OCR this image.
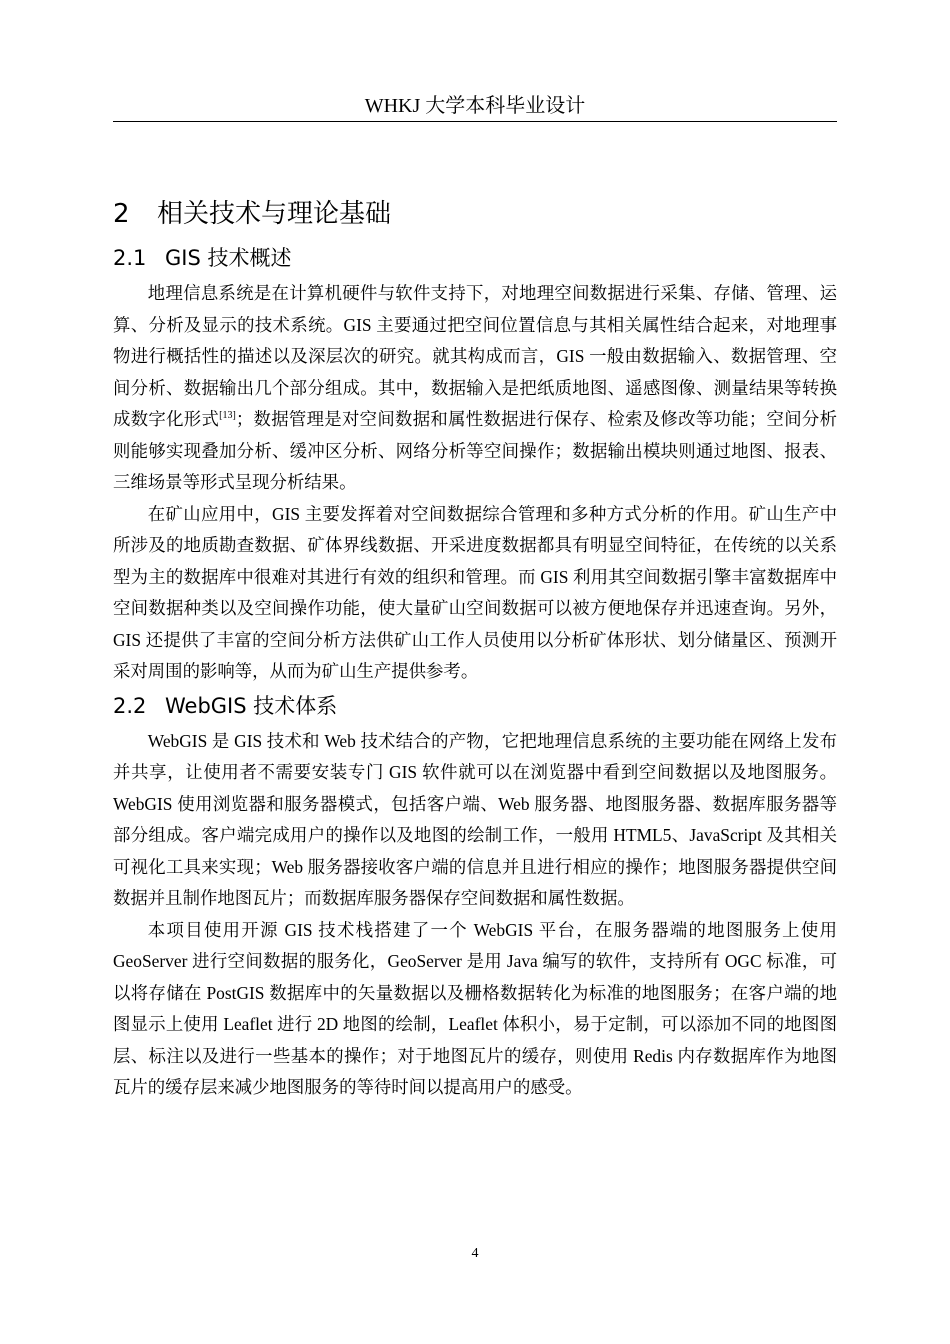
WHKJ 大学本科毕业设计
2 相关技术与理论基础
2.1 GIS 技术概述

地理信息系统是在计算机硬件与软件支持下，对地理空间数据进行采集、存储、管理、运算、分析及显示的技术系统。GIS 主要通过把空间位置信息与其相关属性结合起来，对地理事物进行概括性的描述以及深层次的研究。就其构成而言，GIS 一般由数据输入、数据管理、空间分析、数据输出几个部分组成。其中，数据输入是把纸质地图、遥感图像、测量结果等转换成数字化形式[13]；数据管理是对空间数据和属性数据进行保存、检索及修改等功能；空间分析则能够实现叠加分析、缓冲区分析、网络分析等空间操作；数据输出模块则通过地图、报表、三维场景等形式呈现分析结果。

在矿山应用中，GIS 主要发挥着对空间数据综合管理和多种方式分析的作用。矿山生产中所涉及的地质勘查数据、矿体界线数据、开采进度数据都具有明显空间特征，在传统的以关系型为主的数据库中很难对其进行有效的组织和管理。而 GIS 利用其空间数据引擎丰富数据库中空间数据种类以及空间操作功能，使大量矿山空间数据可以被方便地保存并迅速查询。另外，GIS 还提供了丰富的空间分析方法供矿山工作人员使用以分析矿体形状、划分储量区、预测开采对周围的影响等，从而为矿山生产提供参考。

2.2 WebGIS 技术体系

WebGIS 是 GIS 技术和 Web 技术结合的产物，它把地理信息系统的主要功能在网络上发布并共享，让使用者不需要安装专门 GIS 软件就可以在浏览器中看到空间数据以及地图服务。WebGIS 使用浏览器和服务器模式，包括客户端、Web 服务器、地图服务器、数据库服务器等部分组成。客户端完成用户的操作以及地图的绘制工作，一般用 HTML5、JavaScript 及其相关可视化工具来实现；Web 服务器接收客户端的信息并且进行相应的操作；地图服务器提供空间数据并且制作地图瓦片；而数据库服务器保存空间数据和属性数据。

本项目使用开源 GIS 技术栈搭建了一个 WebGIS 平台，在服务器端的地图服务上使用 GeoServer 进行空间数据的服务化，GeoServer 是用 Java 编写的软件，支持所有 OGC 标准，可以将存储在 PostGIS 数据库中的矢量数据以及栅格数据转化为标准的地图服务；在客户端的地图显示上使用 Leaflet 进行 2D 地图的绘制，Leaflet 体积小，易于定制，可以添加不同的地图图层、标注以及进行一些基本的操作；对于地图瓦片的缓存，则使用 Redis 内存数据库作为地图瓦片的缓存层来减少地图服务的等待时间以提高用户的感受。

4
